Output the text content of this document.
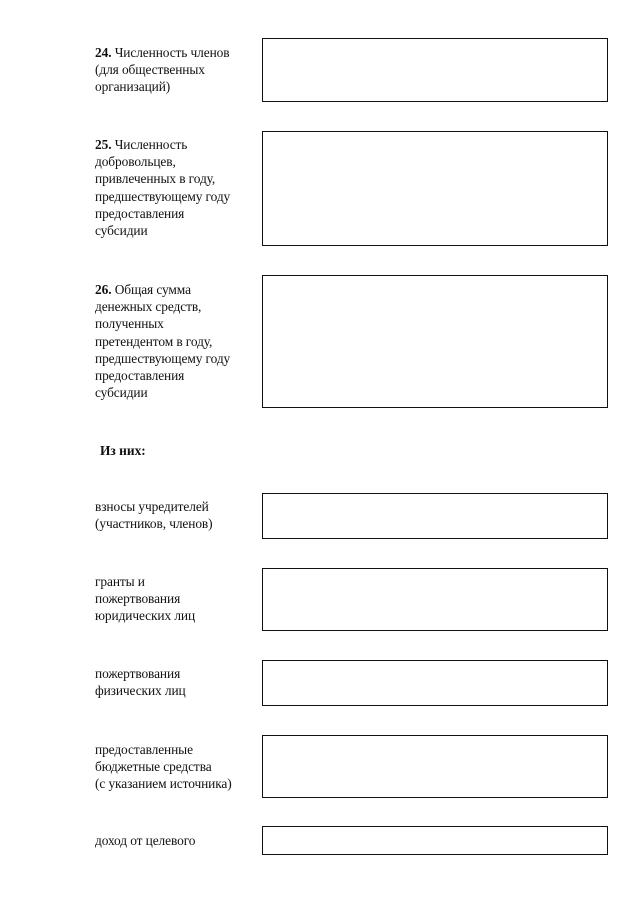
24. Численность членов
(для общественных
организаций)
25. Численность
добровольцев,
привлеченных в году,
предшествующему году
предоставления
субсидии
26. Общая сумма
денежных средств,
полученных
претендентом в году,
предшествующему году
предоставления
субсидии
Из них:
взносы учредителей
(участников, членов)
гранты и
пожертвования
юридических лиц
пожертвования
физических лиц
предоставленные
бюджетные средства
(с указанием источника)
доход от целевого
